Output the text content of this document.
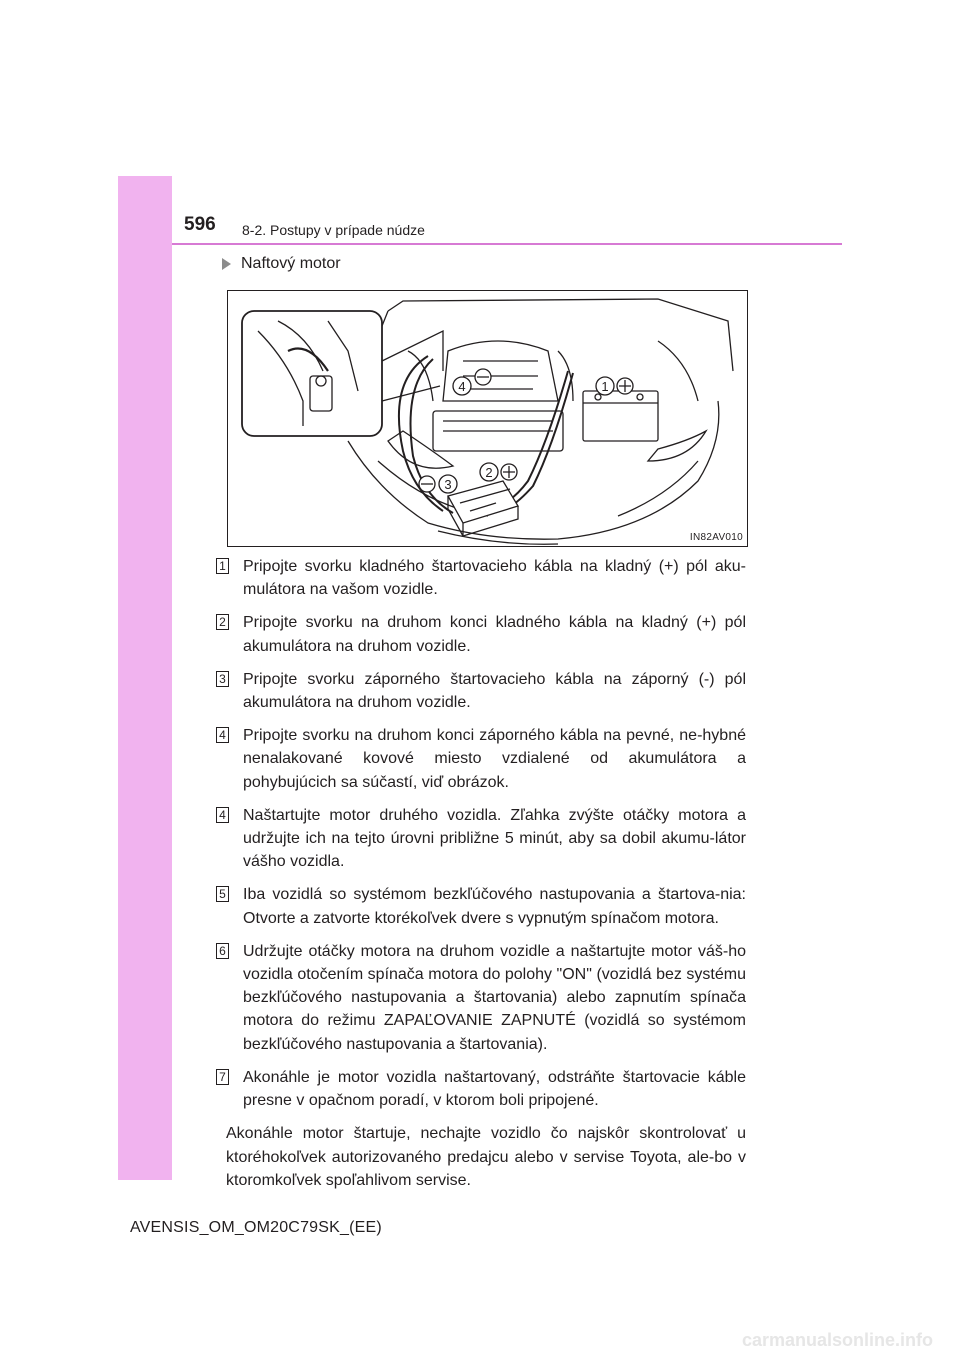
596 8-2. Postupy v prípade núdze
Naftový motor
1
4
2
3
IN82AV010
1 Pripojte svorku kladného štartovacieho kábla na kladný (+) pól aku-mulátora na vašom vozidle.
2 Pripojte svorku na druhom konci kladného kábla na kladný (+) pól akumulátora na druhom vozidle.
3 Pripojte svorku záporného štartovacieho kábla na záporný (-) pól akumulátora na druhom vozidle.
4 Pripojte svorku na druhom konci záporného kábla na pevné, ne-hybné nenalakované kovové miesto vzdialené od akumulátora a pohybujúcich sa súčastí, viď obrázok.
4 Naštartujte motor druhého vozidla. Zľahka zvýšte otáčky motora a udržujte ich na tejto úrovni približne 5 minút, aby sa dobil akumu-látor vášho vozidla.
5 Iba vozidlá so systémom bezkľúčového nastupovania a štartova-nia: Otvorte a zatvorte ktorékoľvek dvere s vypnutým spínačom motora.
6 Udržujte otáčky motora na druhom vozidle a naštartujte motor váš-ho vozidla otočením spínača motora do polohy "ON" (vozidlá bez systému bezkľúčového nastupovania a štartovania) alebo zapnutím spínača motora do režimu ZAPAĽOVANIE ZAPNUTÉ (vozidlá so systémom bezkľúčového nastupovania a štartovania).
7 Akonáhle je motor vozidla naštartovaný, odstráňte štartovacie káble presne v opačnom poradí, v ktorom boli pripojené.
Akonáhle motor štartuje, nechajte vozidlo čo najskôr skontrolovať u ktoréhokoľvek autorizovaného predajcu alebo v servise Toyota, ale-bo v ktoromkoľvek spoľahlivom servise.
AVENSIS_OM_OM20C79SK_(EE)
carmanualsonline.info
